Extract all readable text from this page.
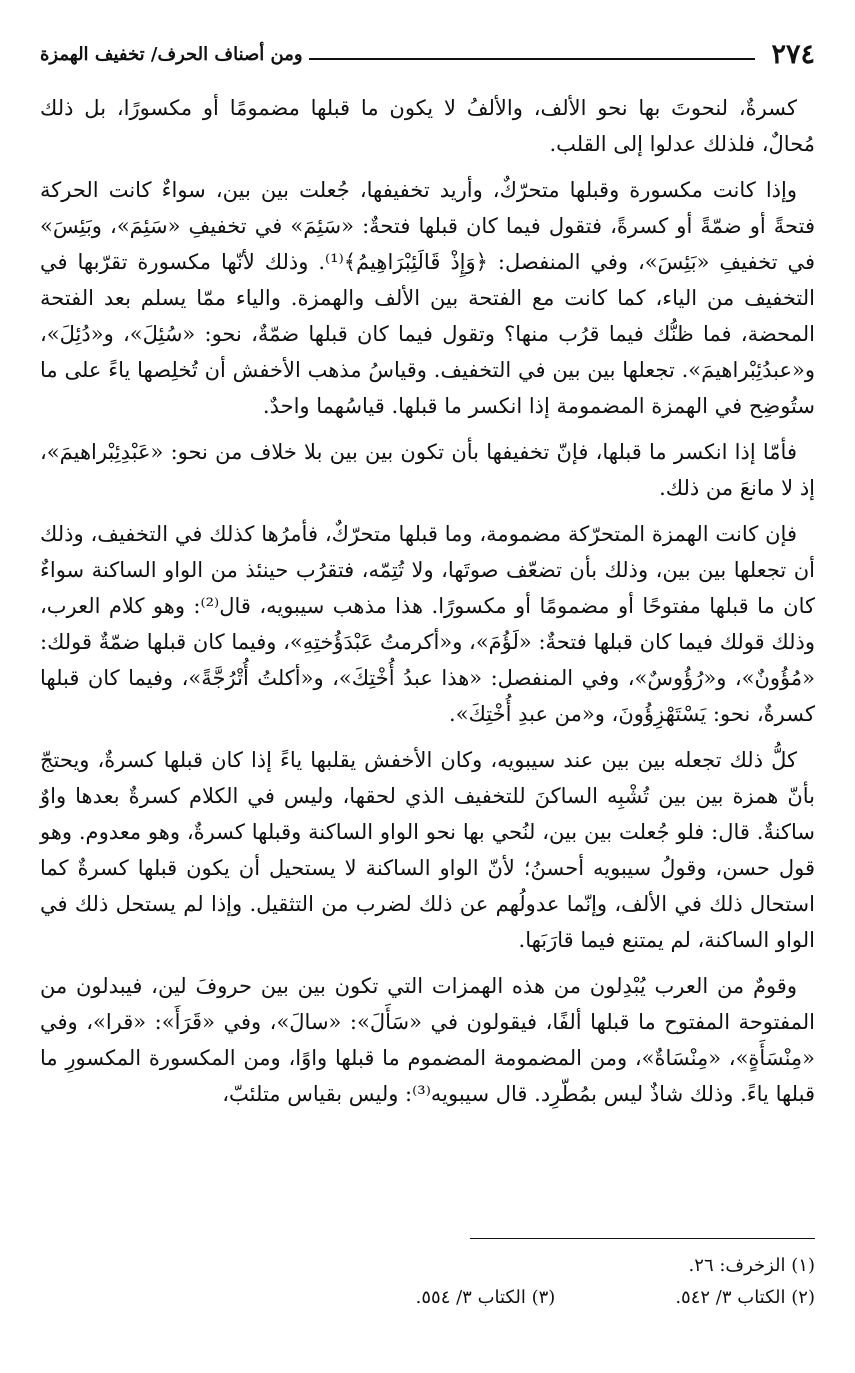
٢٧٤
ومن أصناف الحرف/ تخفيف الهمزة

كسرةٌ، لنحوتَ بها نحو الألف، والألفُ لا يكون ما قبلها مضمومًا أو مكسورًا، بل ذلك مُحالٌ، فلذلك عدلوا إلى القلب.

وإذا كانت مكسورة وقبلها متحرّكٌ، وأريد تخفيفها، جُعلت بين بين، سواءٌ كانت الحركة فتحةً أو ضمّةً أو كسرةً، فتقول فيما كان قبلها فتحةٌ: «سَئِمَ» في تخفيفِ «سَئِمَ»، وبَئِسَ» في تخفيفِ «بَئِسَ»، وفي المنفصل: ﴿وَإِذْ قَالَئِبْرَاهِيمُ﴾⁽¹⁾. وذلك لأنّها مكسورة تقرّبها في التخفيف من الياء، كما كانت مع الفتحة بين الألف والهمزة. والياء ممّا يسلم بعد الفتحة المحضة، فما ظنُّك فيما قرُب منها؟ وتقول فيما كان قبلها ضمّةٌ، نحو: «سُئِلَ»، و«دُئِلَ»، و«عبدُئِبْراهيمَ». تجعلها بين بين في التخفيف. وقياسُ مذهب الأخفش أن تُخلِصها ياءً على ما ستُوضِح في الهمزة المضمومة إذا انكسر ما قبلها. قياسُهما واحدٌ.

فأمّا إذا انكسر ما قبلها، فإنّ تخفيفها بأن تكون بين بين بلا خلاف من نحو: «عَبْدِئِبْراهيمَ»، إذ لا مانعَ من ذلك.

فإن كانت الهمزة المتحرّكة مضمومة، وما قبلها متحرّكٌ، فأمرُها كذلك في التخفيف، وذلك أن تجعلها بين بين، وذلك بأن تضعّف صوتَها، ولا تُتِمّه، فتقرُب حينئذ من الواو الساكنة سواءٌ كان ما قبلها مفتوحًا أو مضمومًا أو مكسورًا. هذا مذهب سيبويه، قال⁽²⁾: وهو كلام العرب، وذلك قولك فيما كان قبلها فتحةٌ: «لَؤُمَ»، و«أكرمتُ عَبْدَؤُختِهِ»، وفيما كان قبلها ضمّةٌ قولك: «مُؤُونٌ»، و«رُؤُوسٌ»، وفي المنفصل: «هذا عبدُ أُخْتِكَ»، و«أكلتُ أُتْرُجَّةً»، وفيما كان قبلها كسرةٌ، نحو: يَسْتَهْزِؤُونَ، و«من عبدِ أُخْتِكَ».

كلُّ ذلك تجعله بين بين عند سيبويه، وكان الأخفش يقلبها ياءً إذا كان قبلها كسرةٌ، ويحتجّ بأنّ همزة بين بين تُشْبِه الساكنَ للتخفيف الذي لحقها، وليس في الكلام كسرةٌ بعدها واوٌ ساكنةٌ. قال: فلو جُعلت بين بين، لنُحي بها نحو الواو الساكنة وقبلها كسرةٌ، وهو معدوم. وهو قول حسن، وقولُ سيبويه أحسنُ؛ لأنّ الواو الساكنة لا يستحيل أن يكون قبلها كسرةٌ كما استحال ذلك في الألف، وإنّما عدولُهم عن ذلك لضرب من التثقيل. وإذا لم يستحل ذلك في الواو الساكنة، لم يمتنع فيما قارَبَها.

وقومٌ من العرب يُبْدِلون من هذه الهمزات التي تكون بين بين حروفَ لين، فيبدلون من المفتوحة المفتوح ما قبلها ألفًا، فيقولون في «سَأَلَ»: «سالَ»، وفي «قَرَأَ»: «قرا»، وفي «مِنْسَأَةٍ»، «مِنْسَاةٌ»، ومن المضمومة المضموم ما قبلها واوًا، ومن المكسورة المكسورِ ما قبلها ياءً. وذلك شاذٌ ليس بمُطّرِد. قال سيبويه⁽³⁾: وليس بقياس متلئبّ،

(١) الزخرف: ٢٦.
(٢) الكتاب ٣/ ٥٤٢.
(٣) الكتاب ٣/ ٥٥٤.
